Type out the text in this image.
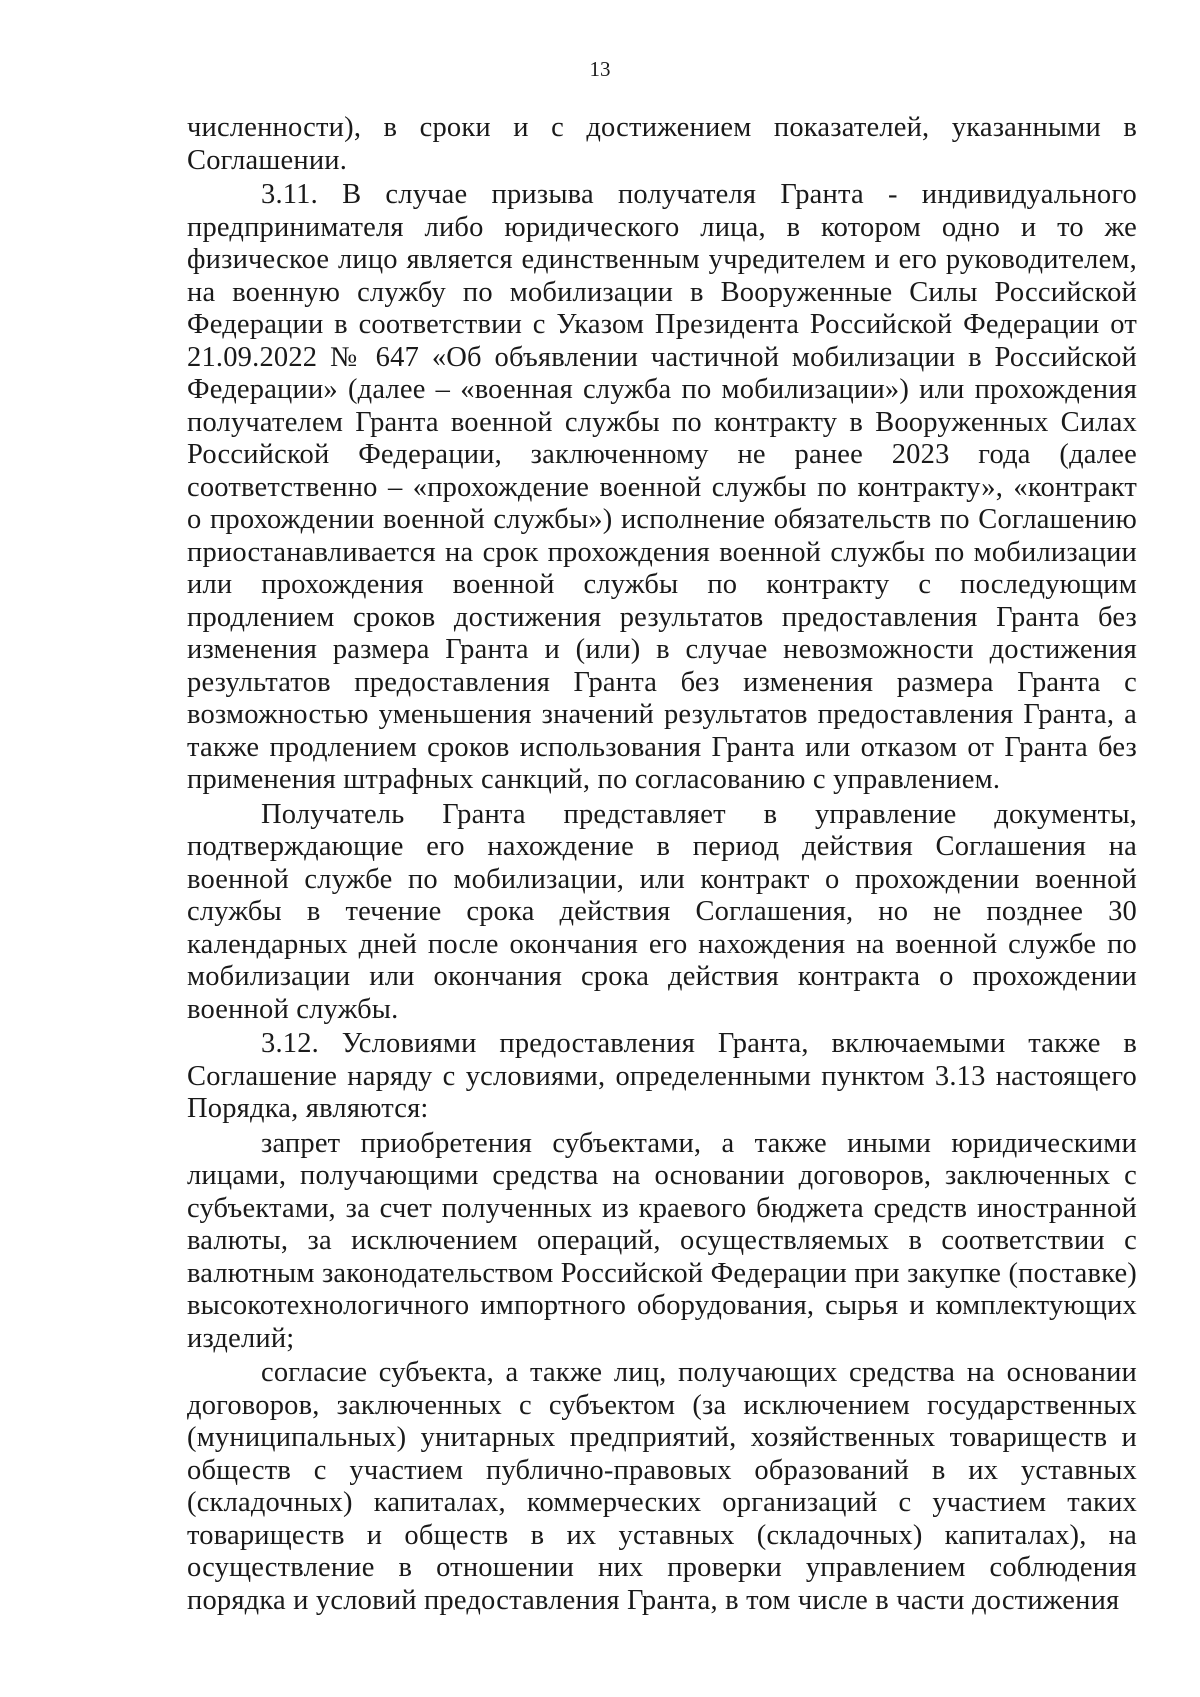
13

численности), в сроки и с достижением показателей, указанными в Соглашении.

3.11. В случае призыва получателя Гранта - индивидуального предпринимателя либо юридического лица, в котором одно и то же физическое лицо является единственным учредителем и его руководителем, на военную службу по мобилизации в Вооруженные Силы Российской Федерации в соответствии с Указом Президента Российской Федерации от 21.09.2022 № 647 «Об объявлении частичной мобилизации в Российской Федерации» (далее – «военная служба по мобилизации») или прохождения получателем Гранта военной службы по контракту в Вооруженных Силах Российской Федерации, заключенному не ранее 2023 года (далее соответственно – «прохождение военной службы по контракту», «контракт о прохождении военной службы») исполнение обязательств по Соглашению приостанавливается на срок прохождения военной службы по мобилизации или прохождения военной службы по контракту с последующим продлением сроков достижения результатов предоставления Гранта без изменения размера Гранта и (или) в случае невозможности достижения результатов предоставления Гранта без изменения размера Гранта с возможностью уменьшения значений результатов предоставления Гранта, а также продлением сроков использования Гранта или отказом от Гранта без применения штрафных санкций, по согласованию с управлением.

Получатель Гранта представляет в управление документы, подтверждающие его нахождение в период действия Соглашения на военной службе по мобилизации, или контракт о прохождении военной службы в течение срока действия Соглашения, но не позднее 30 календарных дней после окончания его нахождения на военной службе по мобилизации или окончания срока действия контракта о прохождении военной службы.

3.12. Условиями предоставления Гранта, включаемыми также в Соглашение наряду с условиями, определенными пунктом 3.13 настоящего Порядка, являются:

запрет приобретения субъектами, а также иными юридическими лицами, получающими средства на основании договоров, заключенных с субъектами, за счет полученных из краевого бюджета средств иностранной валюты, за исключением операций, осуществляемых в соответствии с валютным законодательством Российской Федерации при закупке (поставке) высокотехнологичного импортного оборудования, сырья и комплектующих изделий;

согласие субъекта, а также лиц, получающих средства на основании договоров, заключенных с субъектом (за исключением государственных (муниципальных) унитарных предприятий, хозяйственных товариществ и обществ с участием публично-правовых образований в их уставных (складочных) капиталах, коммерческих организаций с участием таких товариществ и обществ в их уставных (складочных) капиталах), на осуществление в отношении них проверки управлением соблюдения порядка и условий предоставления Гранта, в том числе в части достижения
